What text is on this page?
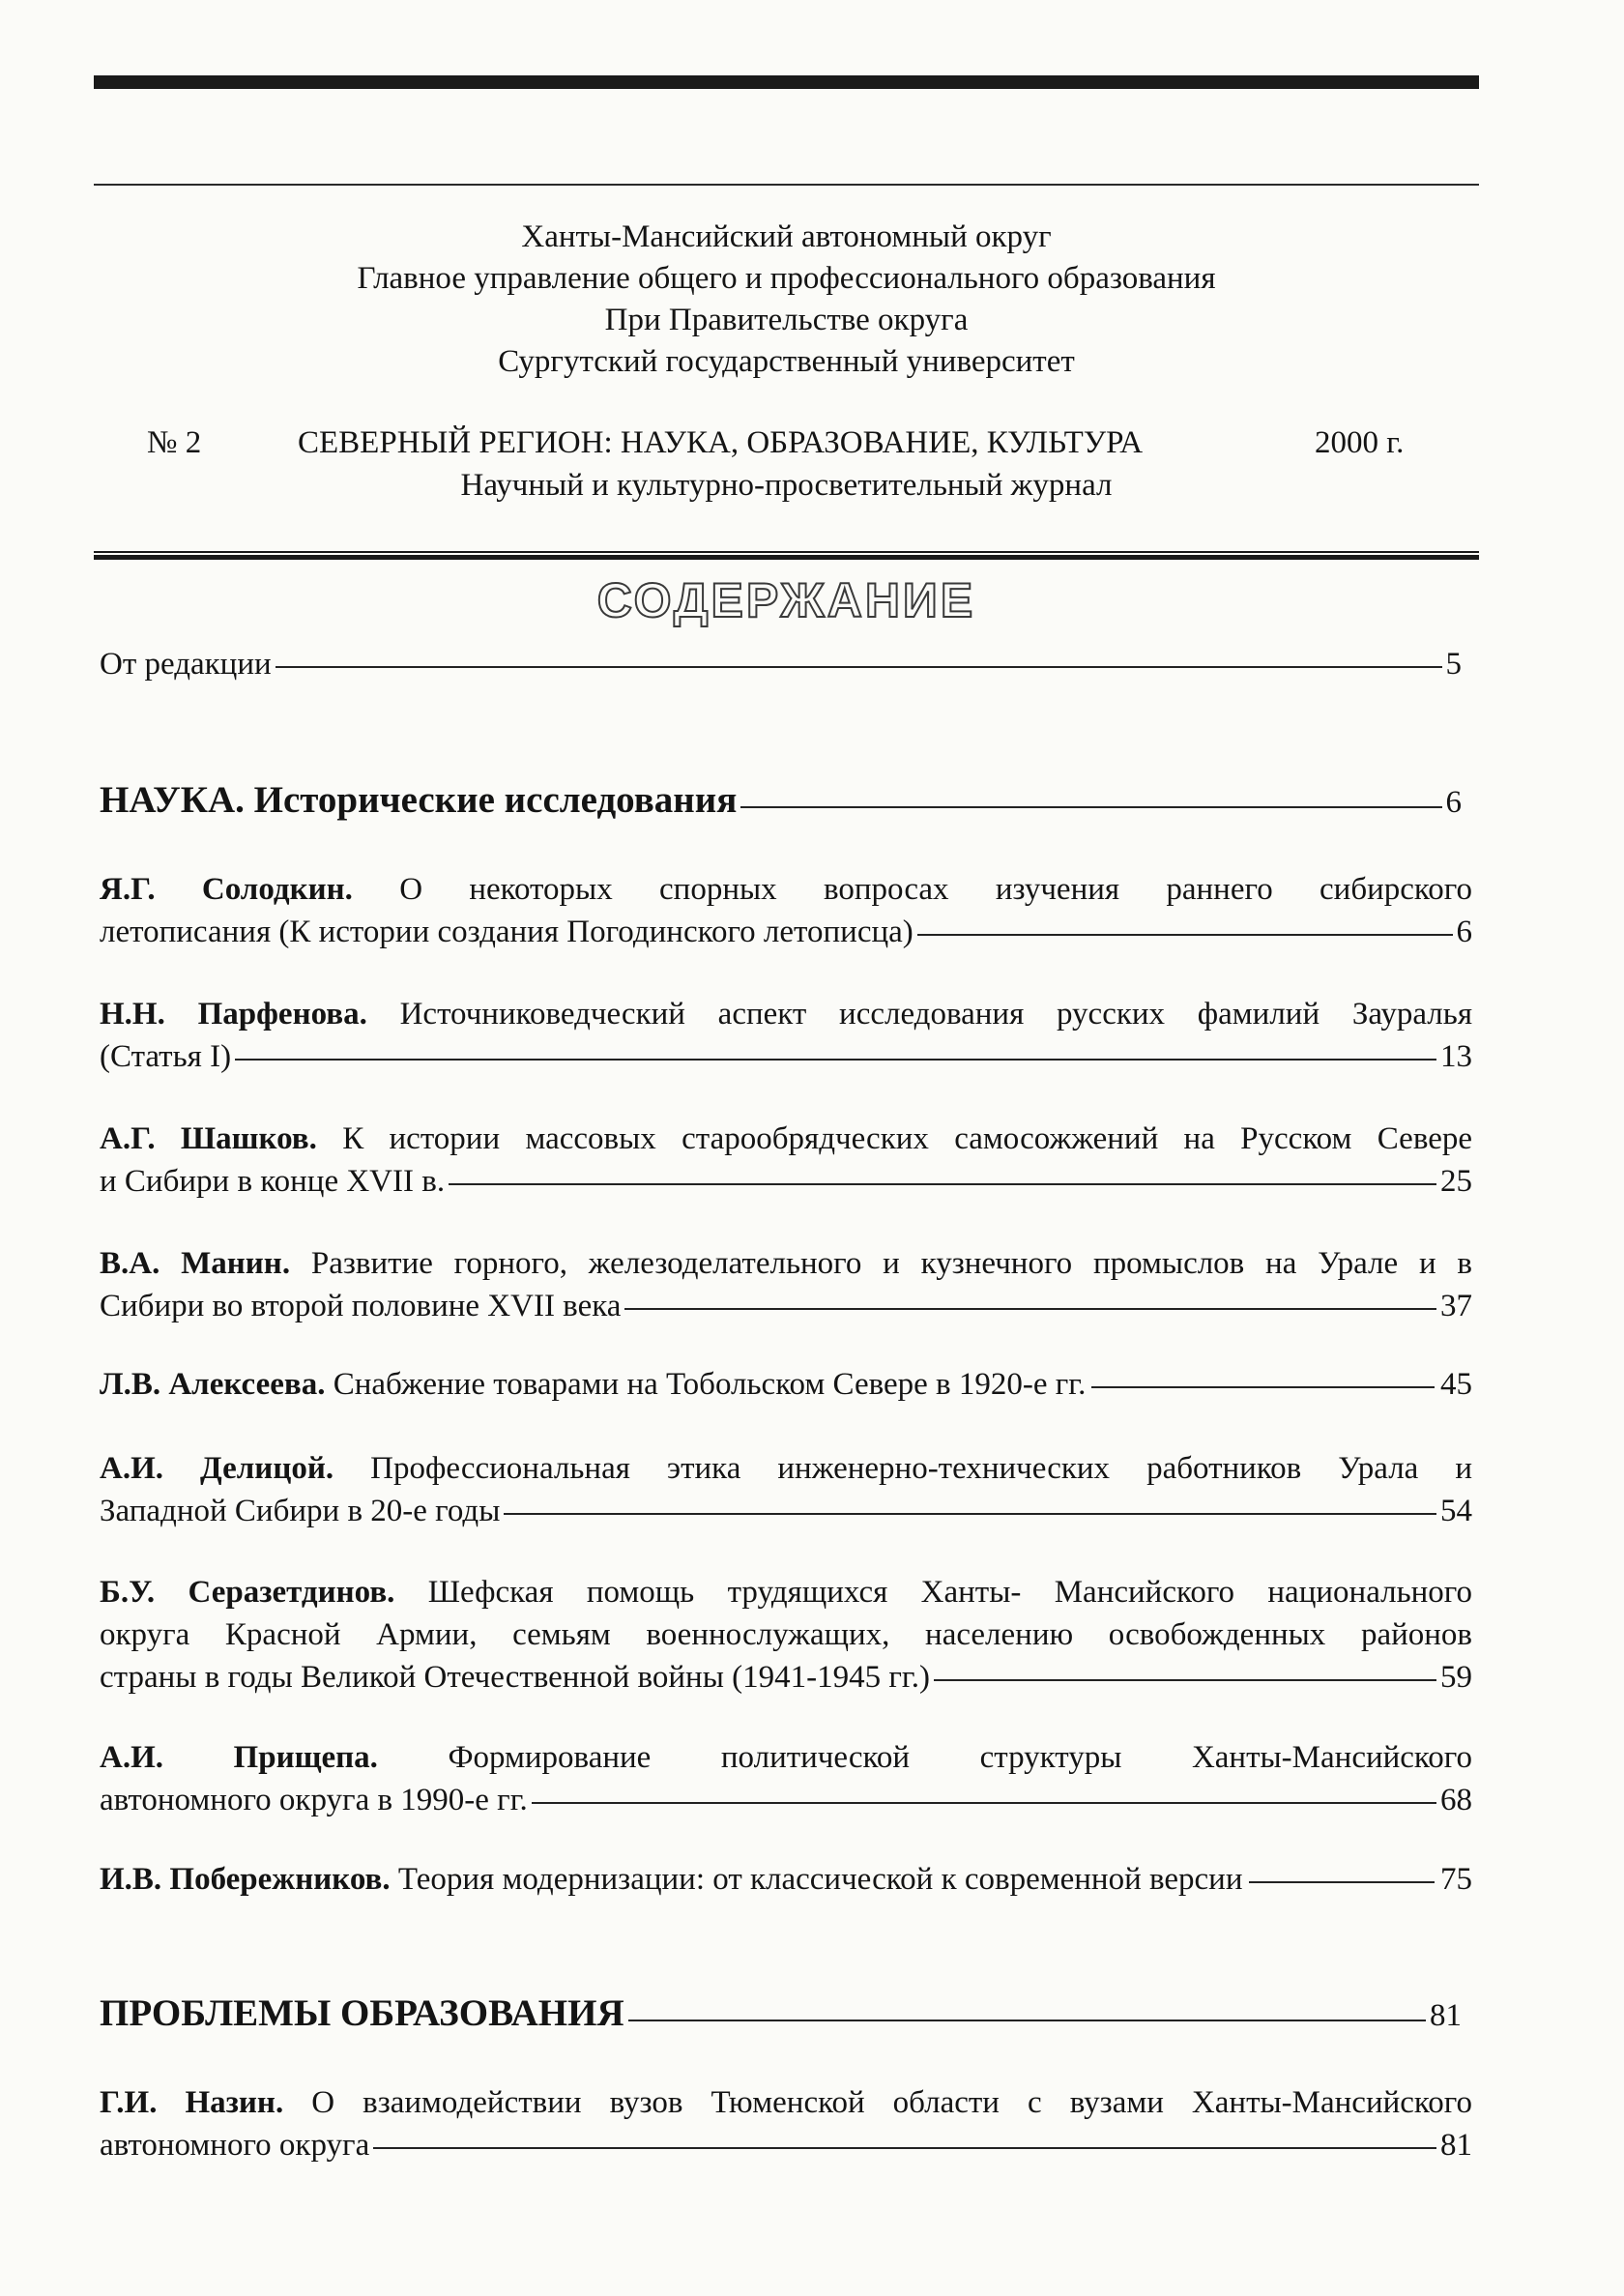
Ханты-Мансийский автономный округ
Главное управление общего и профессионального образования
При Правительстве округа
Сургутский государственный университет
№ 2	СЕВЕРНЫЙ РЕГИОН: НАУКА, ОБРАЗОВАНИЕ, КУЛЬТУРА	2000 г.
Научный и культурно-просветительный журнал
СОДЕРЖАНИЕ
От редакции	5
НАУКА. Исторические исследования	6
Я.Г. Солодкин. О некоторых спорных вопросах изучения раннего сибирского
летописания (К истории создания Погодинского летописца)	6
Н.Н. Парфенова. Источниковедческий аспект исследования русских фамилий Зауралья
(Статья I)	13
А.Г. Шашков. К истории массовых старообрядческих самосожжений на Русском Севере
и Сибири в конце XVII в.	25
В.А. Манин. Развитие горного, железоделательного и кузнечного промыслов на Урале и в
Сибири во второй половине XVII века	37
Л.В. Алексеева.
Снабжение товарами на Тобольском Севере в 1920-е гг.	45
А.И. Делицой. Профессиональная этика инженерно-технических работников Урала и
Западной Сибири в 20-е годы	54
Б.У. Серазетдинов. Шефская помощь трудящихся Ханты- Мансийского национального
округа Красной Армии, семьям военнослужащих, населению освобожденных районов
страны в годы Великой Отечественной войны (1941-1945 гг.)	59
А.И. Прищепа. Формирование политической структуры Ханты-Мансийского
автономного округа в 1990-е гг.	68
И.В. Побережников.
Теория модернизации: от классической к современной версии	75
ПРОБЛЕМЫ ОБРАЗОВАНИЯ	81
Г.И. Назин. О взаимодействии вузов Тюменской области с вузами Ханты-Мансийского
автономного округа	81
